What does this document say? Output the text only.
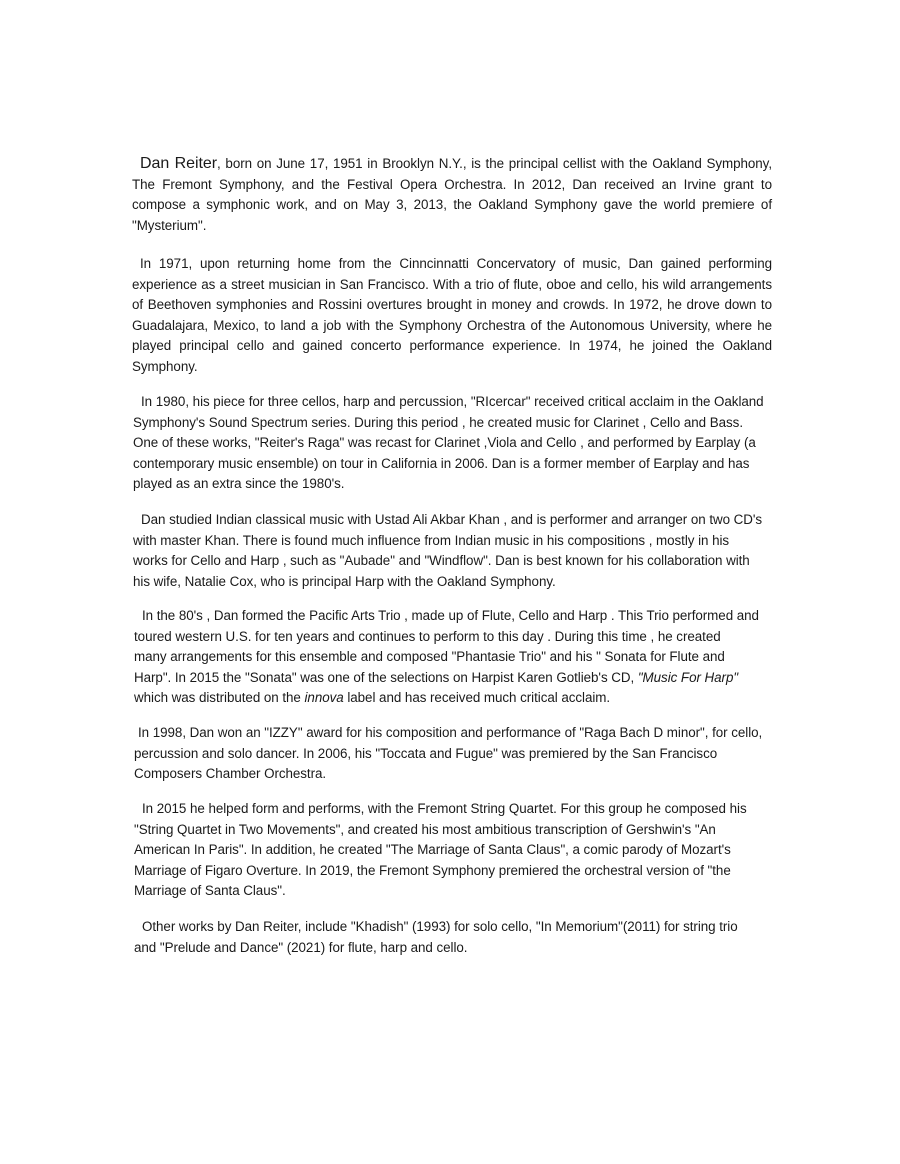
Dan Reiter, born on June 17, 1951 in Brooklyn N.Y., is the principal cellist with the Oakland Symphony, The Fremont Symphony, and the Festival Opera Orchestra. In 2012, Dan received an Irvine grant to compose a symphonic work, and on May 3, 2013, the Oakland Symphony gave the world premiere of "Mysterium".

In 1971, upon returning home from the Cinncinnatti Concervatory of music, Dan gained performing experience as a street musician in San Francisco. With a trio of flute, oboe and cello, his wild arrangements of Beethoven symphonies and Rossini overtures brought in money and crowds. In 1972, he drove down to Guadalajara, Mexico, to land a job with the Symphony Orchestra of the Autonomous University, where he played principal cello and gained concerto performance experience. In 1974, he joined the Oakland Symphony.

In 1980, his piece for three cellos, harp and percussion, "RIcercar" received critical acclaim in the Oakland
Symphony's Sound Spectrum series. During this period , he created music for Clarinet , Cello and Bass.
One of these works, "Reiter's Raga" was recast for Clarinet ,Viola and Cello , and performed by Earplay (a
contemporary music ensemble) on tour in California in 2006. Dan is a former member of Earplay and has
played as an extra since the 1980's.

Dan studied Indian classical music with Ustad Ali Akbar Khan , and is performer and arranger on two CD's
with master Khan. There is found much influence from Indian music in his compositions , mostly in his
works for Cello and Harp , such as "Aubade" and "Windflow". Dan is best known for his collaboration with
his wife, Natalie Cox, who is principal Harp with the Oakland Symphony.

In the 80's , Dan formed the Pacific Arts Trio , made up of Flute, Cello and Harp . This Trio performed and
toured western U.S. for ten years and continues to perform to this day . During this time , he created
many arrangements for this ensemble and composed "Phantasie Trio" and his " Sonata for Flute and
Harp". In 2015 the "Sonata" was one of the selections on Harpist Karen Gotlieb's CD, "Music For Harp"
which was distributed on the innova label and has received much critical acclaim.

In 1998, Dan won an "IZZY" award for his composition and performance of "Raga Bach D minor", for cello,
percussion and solo dancer. In 2006, his "Toccata and Fugue" was premiered by the San Francisco
Composers Chamber Orchestra.

In 2015 he helped form and performs, with the Fremont String Quartet. For this group he composed his
"String Quartet in Two Movements", and created his most ambitious transcription of Gershwin's "An
American In Paris". In addition, he created "The Marriage of Santa Claus", a comic parody of Mozart's
Marriage of Figaro Overture. In 2019, the Fremont Symphony premiered the orchestral version of "the
Marriage of Santa Claus".

Other works by Dan Reiter, include "Khadish" (1993) for solo cello, "In Memorium"(2011) for string trio
and "Prelude and Dance" (2021) for flute, harp and cello.
